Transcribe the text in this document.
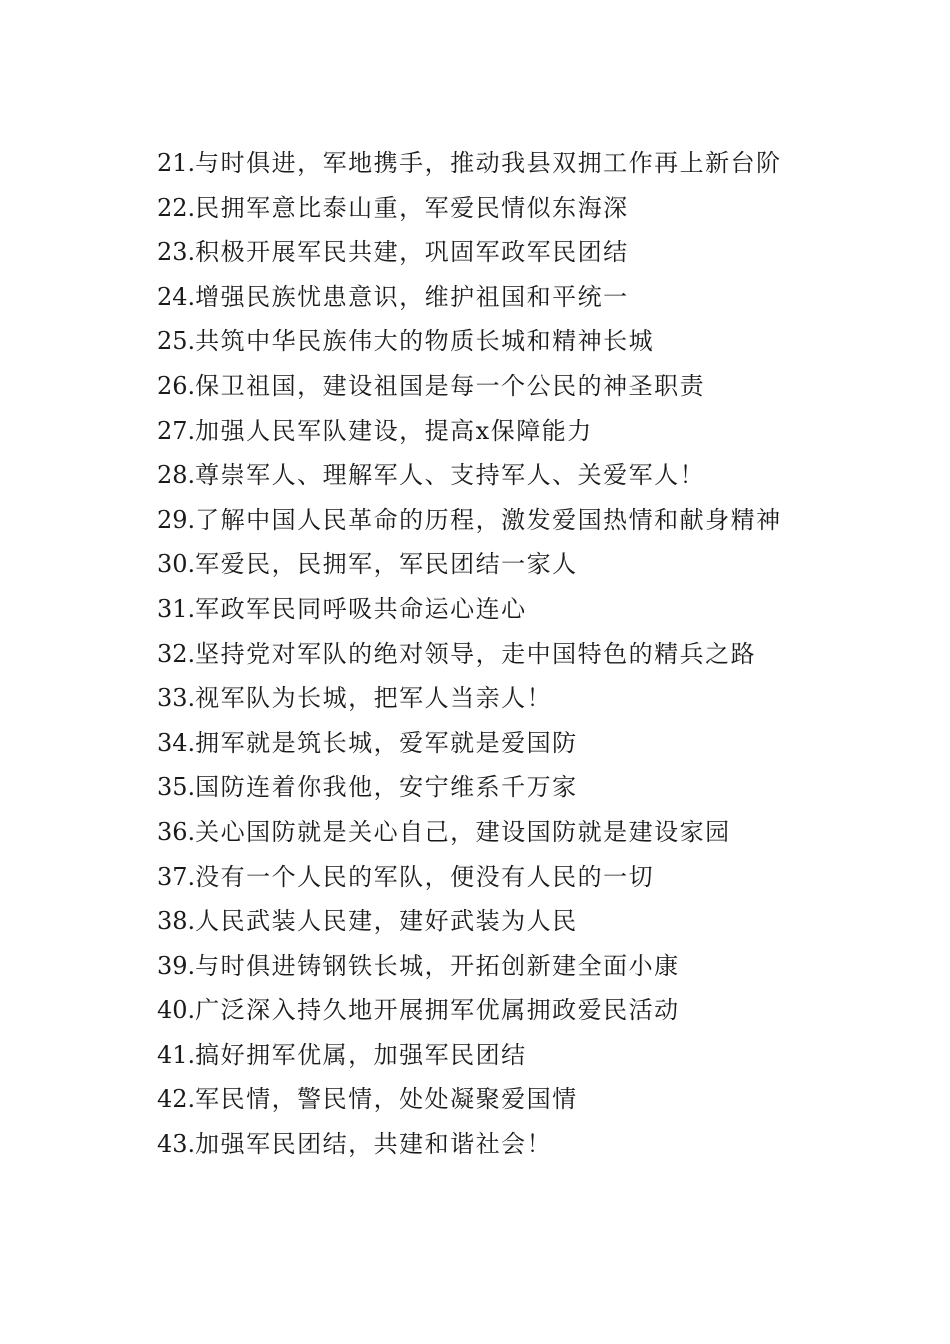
21.与时俱进，军地携手，推动我县双拥工作再上新台阶
22.民拥军意比泰山重，军爱民情似东海深
23.积极开展军民共建，巩固军政军民团结
24.增强民族忧患意识，维护祖国和平统一
25.共筑中华民族伟大的物质长城和精神长城
26.保卫祖国，建设祖国是每一个公民的神圣职责
27.加强人民军队建设，提高x保障能力
28.尊崇军人、理解军人、支持军人、关爱军人！
29.了解中国人民革命的历程，激发爱国热情和献身精神
30.军爱民，民拥军，军民团结一家人
31.军政军民同呼吸共命运心连心
32.坚持党对军队的绝对领导，走中国特色的精兵之路
33.视军队为长城，把军人当亲人！
34.拥军就是筑长城，爱军就是爱国防
35.国防连着你我他，安宁维系千万家
36.关心国防就是关心自己，建设国防就是建设家园
37.没有一个人民的军队，便没有人民的一切
38.人民武装人民建，建好武装为人民
39.与时俱进铸钢铁长城，开拓创新建全面小康
40.广泛深入持久地开展拥军优属拥政爱民活动
41.搞好拥军优属，加强军民团结
42.军民情，警民情，处处凝聚爱国情
43.加强军民团结，共建和谐社会！
